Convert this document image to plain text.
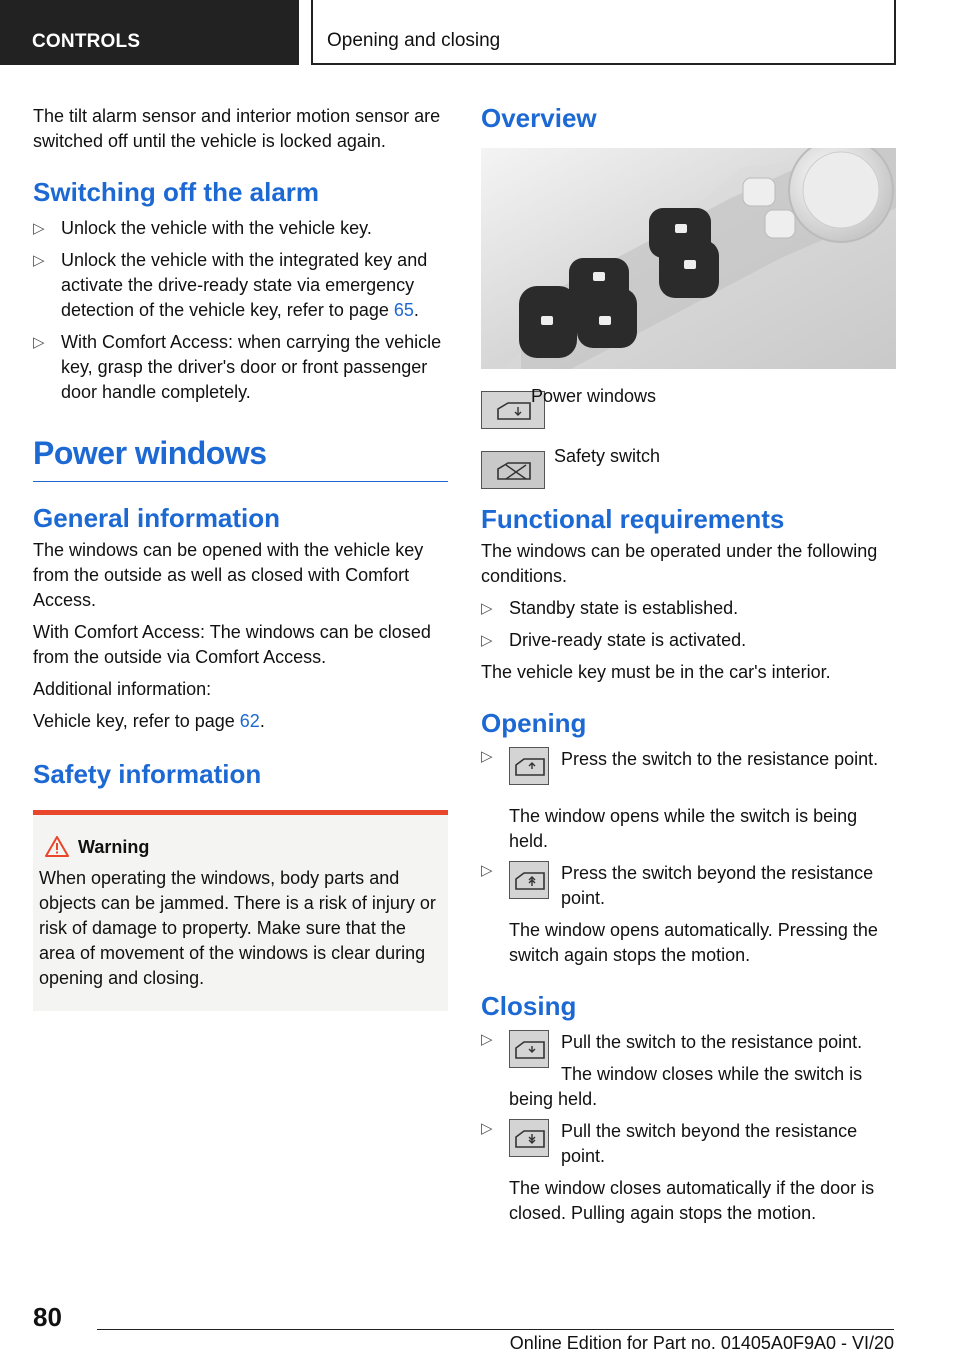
CONTROLS	Opening and closing

The tilt alarm sensor and interior motion sensor are switched off until the vehicle is locked again.

Switching off the alarm
▷ Unlock the vehicle with the vehicle key.
▷ Unlock the vehicle with the integrated key and activate the drive-ready state via emergency detection of the vehicle key, refer to page 65.
▷ With Comfort Access: when carrying the vehicle key, grasp the driver's door or front passenger door handle completely.
Power windows
General information

The windows can be opened with the vehicle key from the outside as well as closed with Comfort Access.

With Comfort Access: The windows can be closed from the outside via Comfort Access.

Additional information:

Vehicle key, refer to page 62.

Safety information
Warning

When operating the windows, body parts and objects can be jammed. There is a risk of injury or risk of damage to property. Make sure that the area of movement of the windows is clear during opening and closing.

Overview
Power windows
Safety switch
Functional requirements

The windows can be operated under the following conditions.

▷ Standby state is established.
▷ Drive-ready state is activated.

The vehicle key must be in the car's interior.

Opening
▷	Press the switch to the resistance point.

The window opens while the switch is being held.

▷	Press the switch beyond the resistance point.

The window opens automatically. Pressing the switch again stops the motion.

Closing
▷	Pull the switch to the resistance point.
The window closes while the switch is

being held.

▷	Pull the switch beyond the resistance point.

The window closes automatically if the door is closed. Pulling again stops the motion.

80
Online Edition for Part no. 01405A0F9A0 - VI/20
